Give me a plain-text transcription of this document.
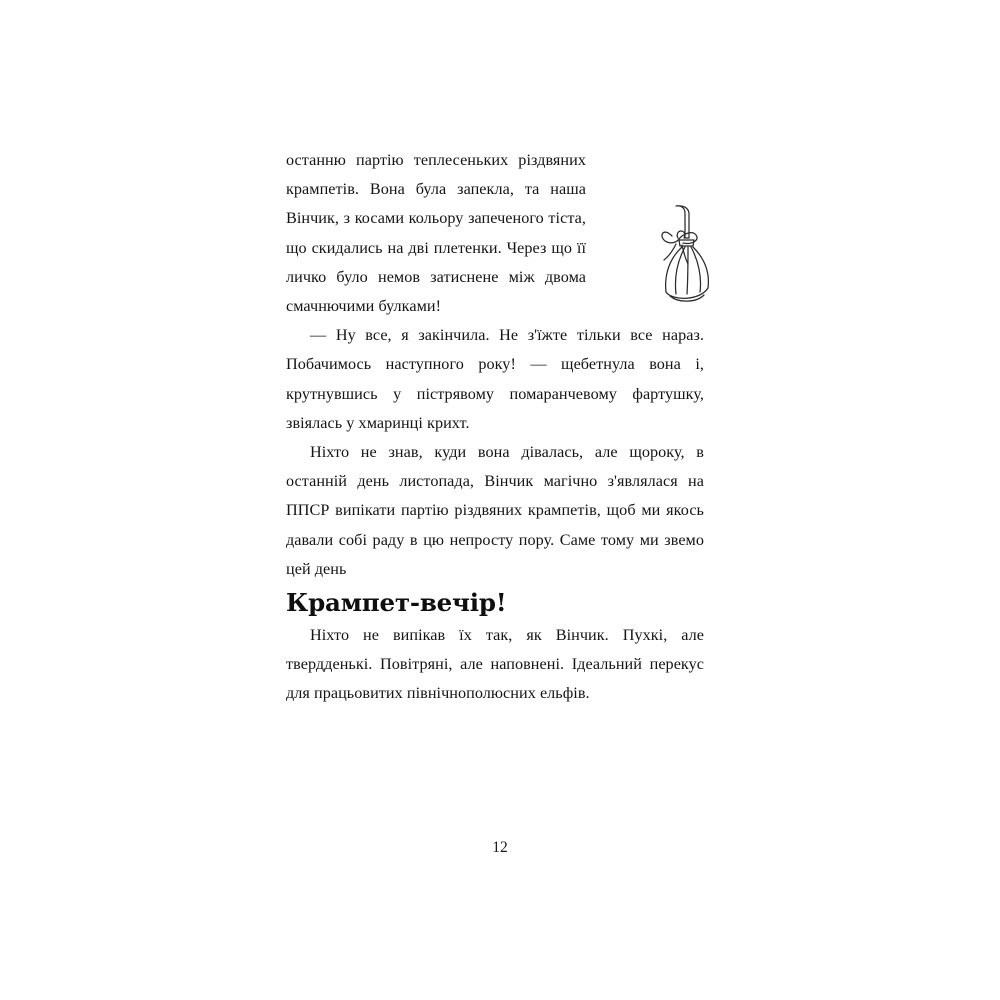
останню партію теплесеньких різдвяних крампетів. Вона була запекла, та наша Вінчик, з косами кольору запеченого тіста, що скидались на дві плетенки. Через що її личко було немов затиснене між двома смачнючими булками!

— Ну все, я закінчила. Не з'їжте тільки все нараз. Побачимось наступного року! — щебетнула вона і, крутнувшись у пістрявому помаранчевому фартушку, звіялась у хмаринці крихт.

Ніхто не знав, куди вона дівалась, але щороку, в останній день листопада, Вінчик магічно з'являлася на ППСР випікати партію різдвяних крампетів, щоб ми якось давали собі раду в цю непросту пору. Саме тому ми звемо цей день

Крампет-вечір!

Ніхто не випікав їх так, як Вінчик. Пухкі, але твердденькі. Повітряні, але наповнені. Ідеальний перекус для працьовитих північнополюсних ельфів.

12
